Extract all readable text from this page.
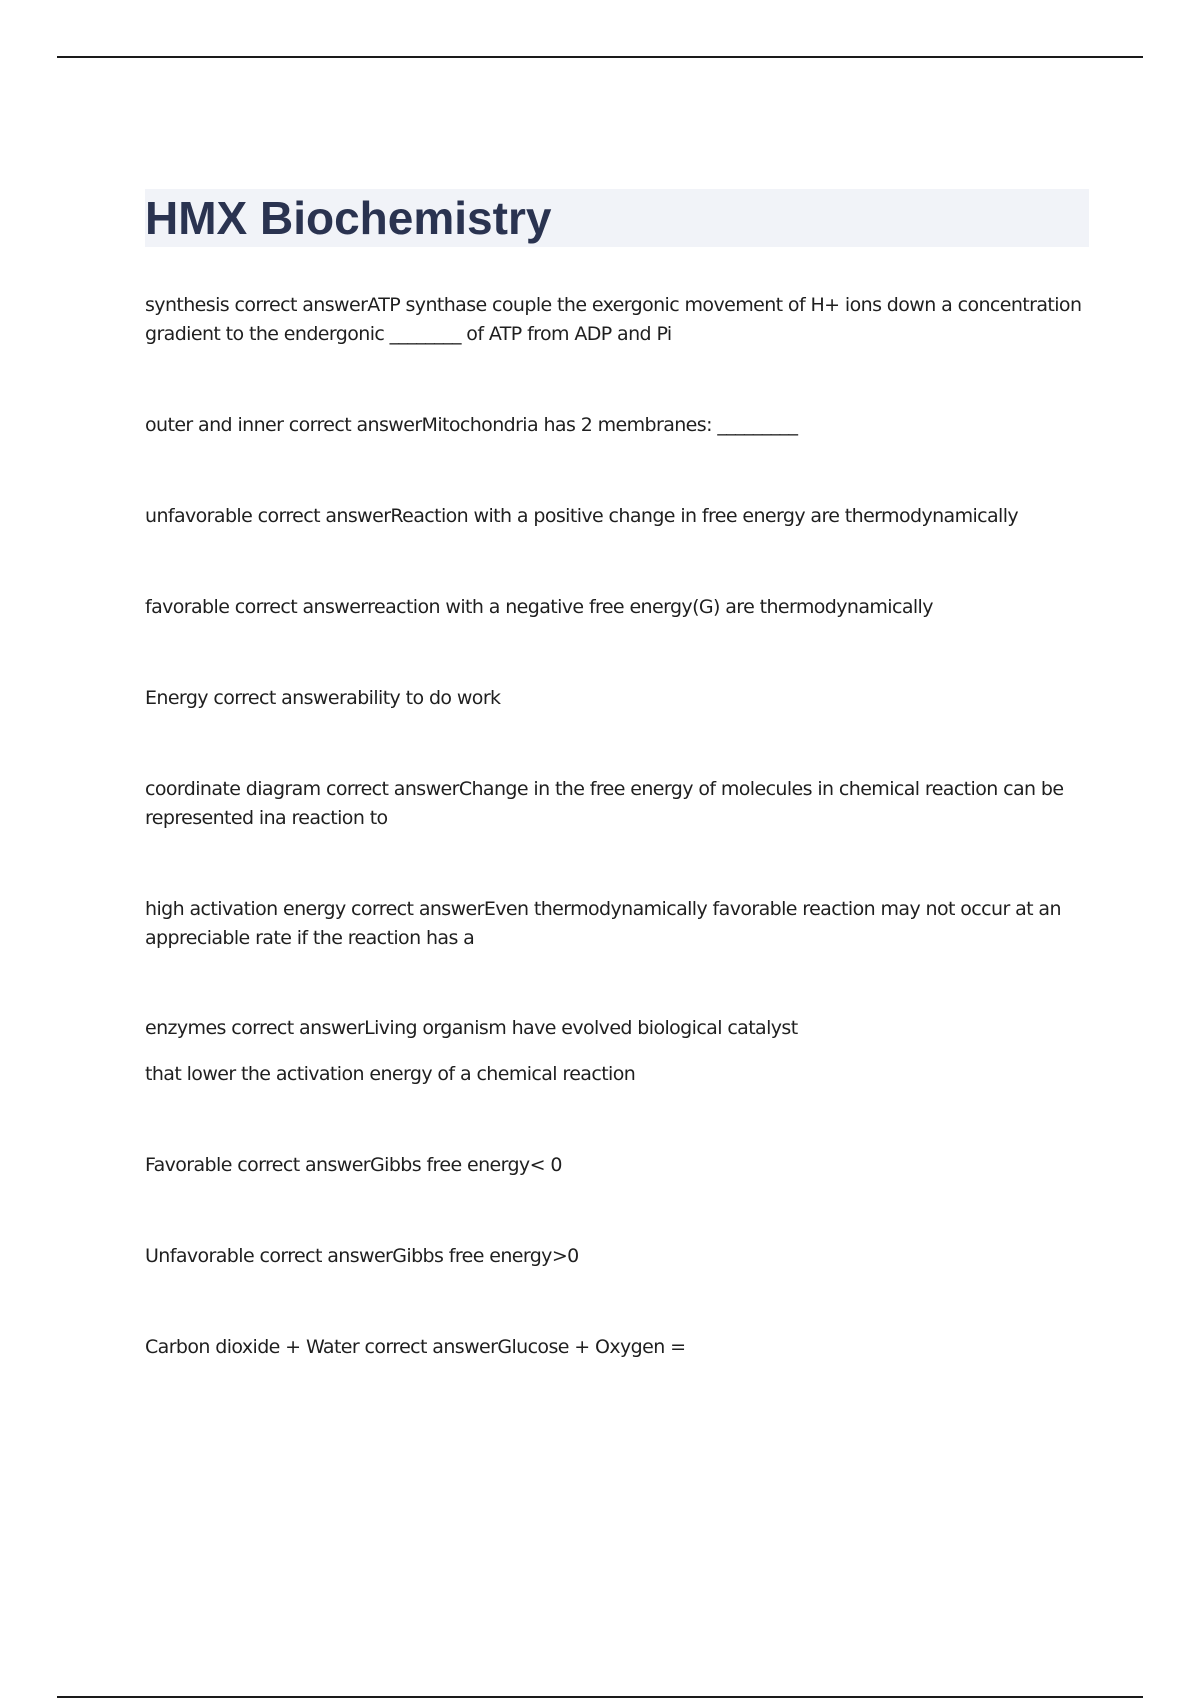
HMX Biochemistry

synthesis correct answerATP synthase couple the exergonic movement of H+ ions down a concentration gradient to the endergonic ________ of ATP from ADP and Pi

outer and inner correct answerMitochondria has 2 membranes: _________

unfavorable correct answerReaction with a positive change in free energy are thermodynamically

favorable correct answerreaction with a negative free energy(G) are thermodynamically

Energy correct answerability to do work

coordinate diagram correct answerChange in the free energy of molecules in chemical reaction can be represented ina reaction to

high activation energy correct answerEven thermodynamically favorable reaction may not occur at an appreciable rate if the reaction has a

enzymes correct answerLiving organism have evolved biological catalyst

that lower the activation energy of a chemical reaction

Favorable correct answerGibbs free energy< 0

Unfavorable correct answerGibbs free energy>0

Carbon dioxide + Water correct answerGlucose + Oxygen =
